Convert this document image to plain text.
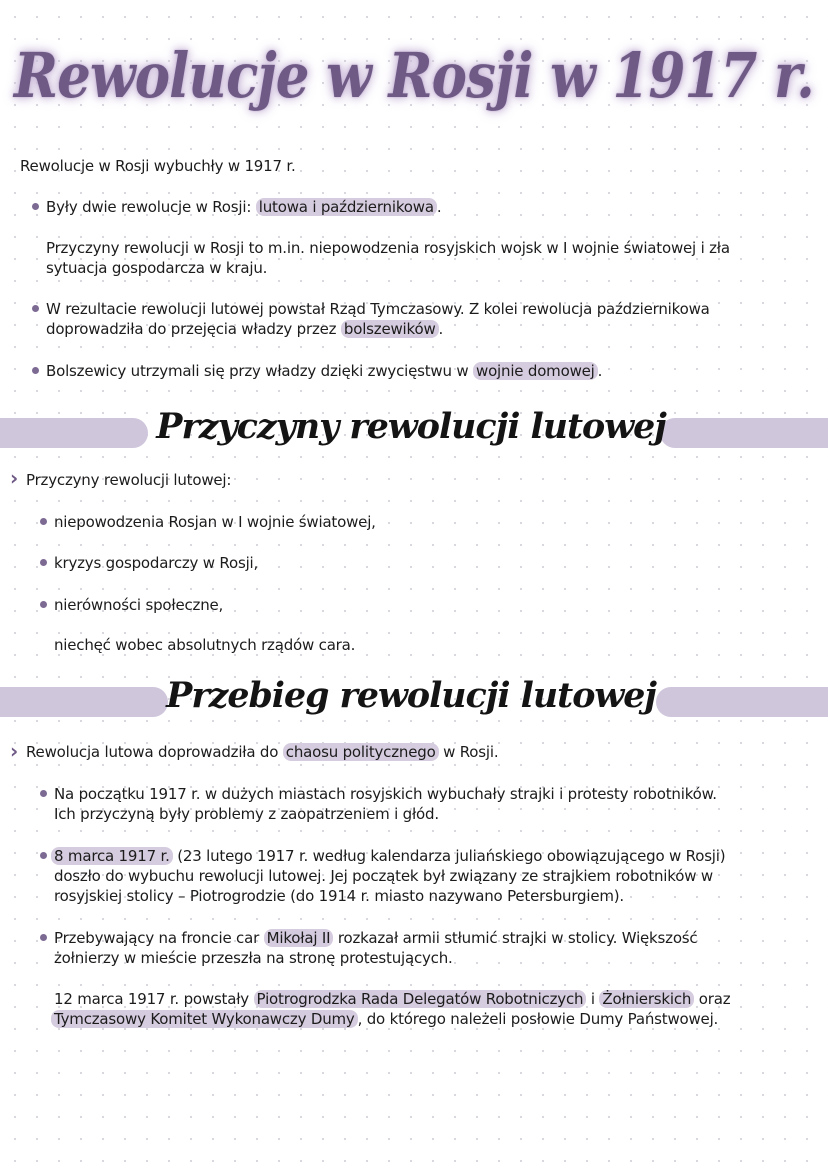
Rewolucje w Rosji w 1917 r.
Rewolucje w Rosji wybuchły w 1917 r.
Były dwie rewolucje w Rosji: lutowa i październikowa .
Przyczyny rewolucji w Rosji to m.in. niepowodzenia rosyjskich wojsk w I wojnie światowej i zła
sytuacja gospodarcza w kraju.
W rezultacie rewolucji lutowej powstał Rząd Tymczasowy. Z kolei rewolucja październikowa
doprowadziła do przejęcia władzy przez bolszewików .
Bolszewicy utrzymali się przy władzy dzięki zwycięstwu w wojnie domowej .
Przyczyny rewolucji lutowej
› Przyczyny rewolucji lutowej:
niepowodzenia Rosjan w I wojnie światowej,
kryzys gospodarczy w Rosji,
nierówności społeczne,
niechęć wobec absolutnych rządów cara.
Przebieg rewolucji lutowej
› Rewolucja lutowa doprowadziła do chaosu politycznego w Rosji.
Na początku 1917 r. w dużych miastach rosyjskich wybuchały strajki i protesty robotników.
Ich przyczyną były problemy z zaopatrzeniem i głód.
8 marca 1917 r. (23 lutego 1917 r. według kalendarza juliańskiego obowiązującego w Rosji)
doszło do wybuchu rewolucji lutowej. Jej początek był związany ze strajkiem robotników w
rosyjskiej stolicy – Piotrogrodzie (do 1914 r. miasto nazywano Petersburgiem).
Przebywający na froncie car Mikołaj II rozkazał armii stłumić strajki w stolicy. Większość
żołnierzy w mieście przeszła na stronę protestujących.
12 marca 1917 r. powstały Piotrogrodzka Rada Delegatów Robotniczych i Żołnierskich oraz
Tymczasowy Komitet Wykonawczy Dumy , do którego należeli posłowie Dumy Państwowej.
